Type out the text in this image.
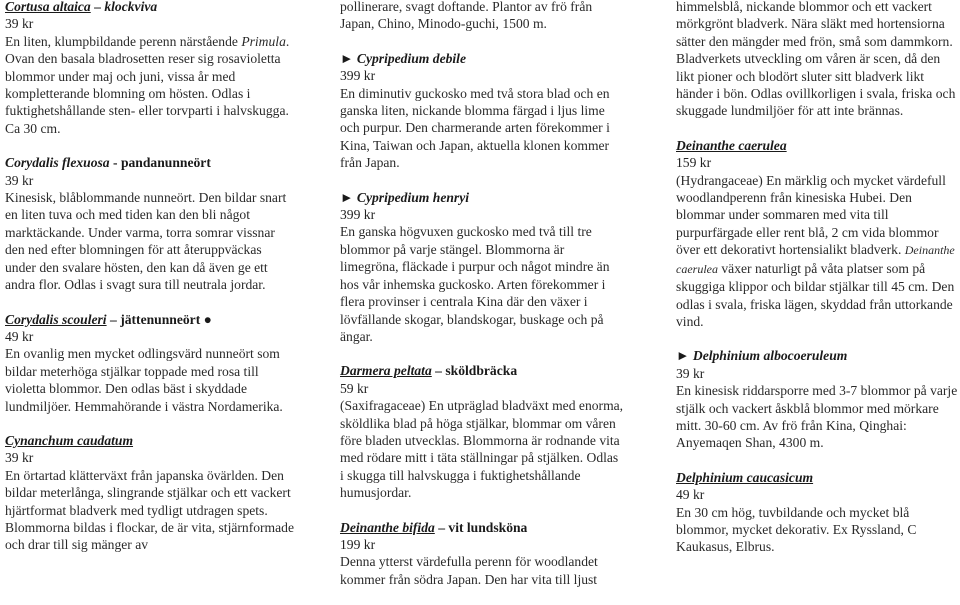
Cortusa altaica – klockviva

39 kr

En liten, klumpbildande perenn närstående Primula. Ovan den basala bladrosetten reser sig rosavioletta blommor under maj och juni, vissa år med kompletterande blomning om hösten. Odlas i fuktighetshållande sten- eller torvparti i halvskugga. Ca 30 cm.

Corydalis flexuosa - pandanunneört

39 kr

Kinesisk, blåblommande nunneört. Den bildar snart en liten tuva och med tiden kan den bli något marktäckande. Under varma, torra somrar vissnar den ned efter blomningen för att återuppväckas under den svalare hösten, den kan då även ge ett andra flor. Odlas i svagt sura till neutrala jordar.

Corydalis scouleri – jättenunneört ●

49 kr

En ovanlig men mycket odlingsvärd nunneört som bildar meterhöga stjälkar toppade med rosa till violetta blommor. Den odlas bäst i skyddade lundmiljöer. Hemmahörande i västra Nordamerika.

Cynanchum caudatum

39 kr

En örtartad klätterväxt från japanska övärlden. Den bildar meterlånga, slingrande stjälkar och ett vackert hjärtformat bladverk med tydligt utdragen spets. Blommorna bildas i flockar, de är vita, stjärnformade och drar till sig mänger av

pollinerare, svagt doftande. Plantor av frö från Japan, Chino, Minodo-guchi, 1500 m.

► Cypripedium debile

399 kr

En diminutiv guckosko med två stora blad och en ganska liten, nickande blomma färgad i ljus lime och purpur. Den charmerande arten förekommer i Kina, Taiwan och Japan, aktuella klonen kommer från Japan.

► Cypripedium henryi

399 kr

En ganska högvuxen guckosko med två till tre blommor på varje stängel. Blommorna är limegröna, fläckade i purpur och något mindre än hos vår inhemska guckosko. Arten förekommer i flera provinser i centrala Kina där den växer i lövfällande skogar, blandskogar, buskage och på ängar.

Darmera peltata – sköldbräcka

59 kr

(Saxifragaceae) En utpräglad bladväxt med enorma, sköldlika blad på höga stjälkar, blommar om våren före bladen utvecklas. Blommorna är rodnande vita med rödare mitt i täta ställningar på stjälken. Odlas i skugga till halvskugga i fuktighetshållande humusjordar.

Deinanthe bifida – vit lundsköna

199 kr

Denna ytterst värdefulla perenn för woodlandet kommer från södra Japan. Den har vita till ljust

himmelsblå, nickande blommor och ett vackert mörkgrönt bladverk. Nära släkt med hortensiorna sätter den mängder med frön, små som dammkorn. Bladverkets utveckling om våren är scen, då den likt pioner och blodört sluter sitt bladverk likt händer i bön. Odlas ovillkorligen i svala, friska och skuggade lundmiljöer för att inte brännas.

Deinanthe caerulea

159 kr

(Hydrangaceae) En märklig och mycket värdefull woodlandperenn från kinesiska Hubei. Den blommar under sommaren med vita till purpurfärgade eller rent blå, 2 cm vida blommor över ett dekorativt hortensialikt bladverk. Deinanthe caerulea växer naturligt på våta platser som på skuggiga klippor och bildar stjälkar till 45 cm. Den odlas i svala, friska lägen, skyddad från uttorkande vind.

► Delphinium albocoeruleum

39 kr

En kinesisk riddarsporre med 3-7 blommor på varje stjälk och vackert åskblå blommor med mörkare mitt. 30-60 cm. Av frö från Kina, Qinghai: Anyemaqen Shan, 4300 m.

Delphinium caucasicum

49 kr

En 30 cm hög, tuvbildande och mycket blå blommor, mycket dekorativ. Ex Ryssland, C Kaukasus, Elbrus.
